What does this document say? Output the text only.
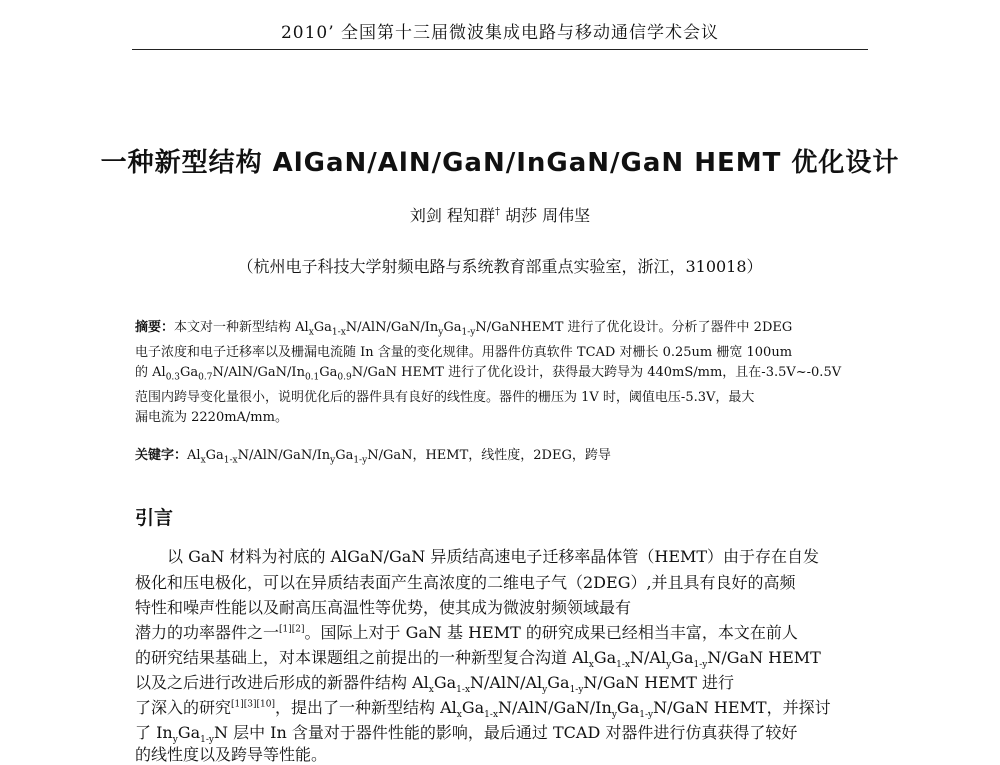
2010’ 全国第十三届微波集成电路与移动通信学术会议
一种新型结构 AlGaN/AlN/GaN/InGaN/GaN HEMT 优化设计
刘剑 程知群† 胡莎 周伟坚
（杭州电子科技大学射频电路与系统教育部重点实验室，浙江，310018）
摘要：本文对一种新型结构 $Al_xGa_{1-x}N/AlN/GaN/In_yGa_{1-y}N$/GaNHEMT 进行了优化设计。分析了器件中 2DEG
电子浓度和电子迁移率以及栅漏电流随 In 含量的变化规律。用器件仿真软件 TCAD 对栅长 0.25um 栅宽 100um
的 $Al_{0.3}Ga_{0.7}N/AlN/GaN/In_{0.1}Ga_{0.9}N$/GaN HEMT 进行了优化设计，获得最大跨导为 440mS/mm，且在-3.5V~-0.5V
范围内跨导变化量很小，说明优化后的器件具有良好的线性度。器件的栅压为 1V 时，阈值电压-5.3V，最大
漏电流为 2220mA/mm。
关键字：$Al_xGa_{1-x}N/AlN/GaN/In_yGa_{1-y}N$/GaN，HEMT，线性度，2DEG，跨导
引言
以 GaN 材料为衬底的 AlGaN/GaN 异质结高速电子迁移率晶体管（HEMT）由于存在自发
极化和压电极化，可以在异质结表面产生高浓度的二维电子气（2DEG）,并且具有良好的高频
特性和噪声性能以及耐高压高温性等优势，使其成为微波射频领域最有
潜力的功率器件之一[1][2]。国际上对于 GaN 基 HEMT 的研究成果已经相当丰富，本文在前人
的研究结果基础上，对本课题组之前提出的一种新型复合沟道 $Al_xGa_{1-x}N/Al_yGa_{1-y}N$/GaN HEMT
以及之后进行改进后形成的新器件结构 $Al_xGa_{1-x}N/AlN/Al_yGa_{1-y}N$/GaN HEMT 进行
了深入的研究[1][3][10]，提出了一种新型结构 $Al_xGa_{1-x}N/AlN/GaN/In_yGa_{1-y}N$/GaN HEMT，并探讨
了 $In_yGa_{1-y}N$ 层中 In 含量对于器件性能的影响，最后通过 TCAD 对器件进行仿真获得了较好
的线性度以及跨导等性能。
